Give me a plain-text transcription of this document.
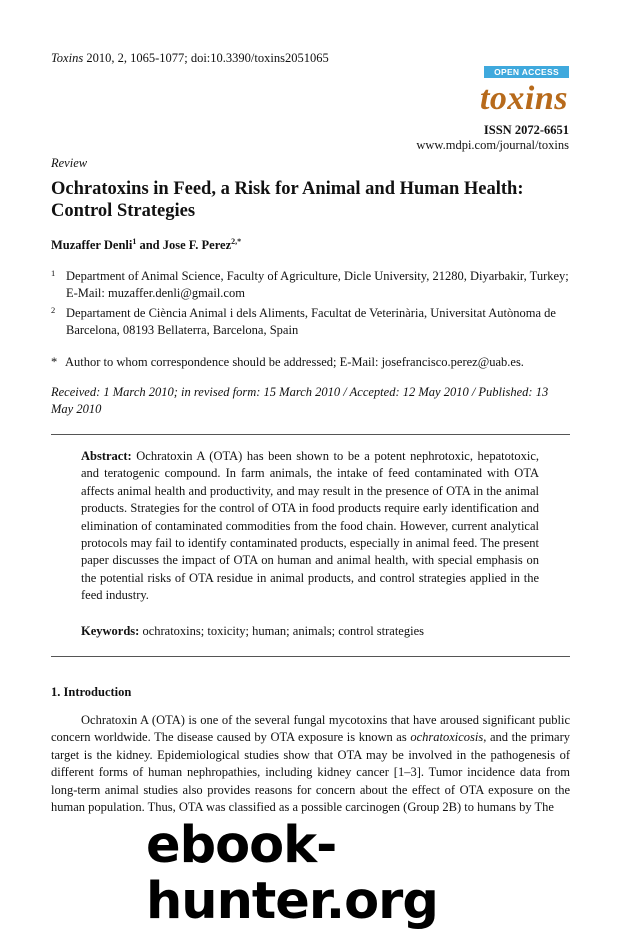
Toxins 2010, 2, 1065-1077; doi:10.3390/toxins2051065
OPEN ACCESS
toxins
ISSN 2072-6651
www.mdpi.com/journal/toxins
Review
Ochratoxins in Feed, a Risk for Animal and Human Health: Control Strategies
Muzaffer Denli$^1$ and Jose F. Perez$^{2,*}$
1 Department of Animal Science, Faculty of Agriculture, Dicle University, 21280, Diyarbakir, Turkey; E-Mail: muzaffer.denli@gmail.com
2 Departament de Ciència Animal i dels Aliments, Facultat de Veterinària, Universitat Autònoma de Barcelona, 08193 Bellaterra, Barcelona, Spain
* Author to whom correspondence should be addressed; E-Mail: josefrancisco.perez@uab.es.
Received: 1 March 2010; in revised form: 15 March 2010 / Accepted: 12 May 2010 / Published: 13 May 2010
Abstract: Ochratoxin A (OTA) has been shown to be a potent nephrotoxic, hepatotoxic, and teratogenic compound. In farm animals, the intake of feed contaminated with OTA affects animal health and productivity, and may result in the presence of OTA in the animal products. Strategies for the control of OTA in food products require early identification and elimination of contaminated commodities from the food chain. However, current analytical protocols may fail to identify contaminated products, especially in animal feed. The present paper discusses the impact of OTA on human and animal health, with special emphasis on the potential risks of OTA residue in animal products, and control strategies applied in the feed industry.
Keywords: ochratoxins; toxicity; human; animals; control strategies
1. Introduction
Ochratoxin A (OTA) is one of the several fungal mycotoxins that have aroused significant public concern worldwide. The disease caused by OTA exposure is known as ochratoxicosis, and the primary target is the kidney. Epidemiological studies show that OTA may be involved in the pathogenesis of different forms of human nephropathies, including kidney cancer [1–3]. Tumor incidence data from long-term animal studies also provides reasons for concern about the effect of OTA exposure on the human population. Thus, OTA was classified as a possible carcinogen (Group 2B) to humans by The
ebook-hunter.org
